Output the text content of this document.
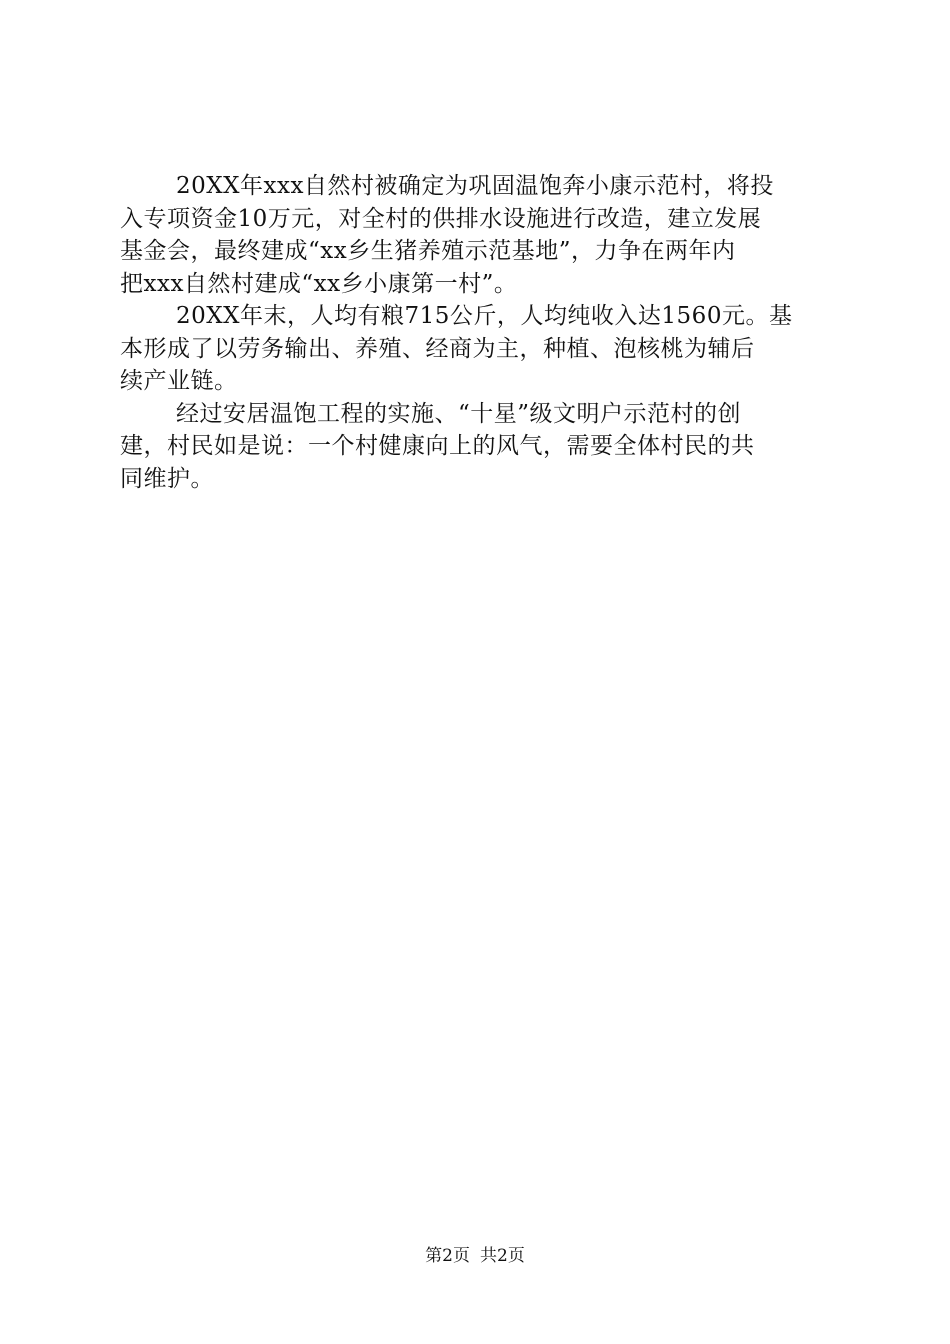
20XX年xxx自然村被确定为巩固温饱奔小康示范村，将投
入专项资金10万元，对全村的供排水设施进行改造，建立发展
基金会，最终建成“xx乡生猪养殖示范基地”，力争在两年内
把xxx自然村建成“xx乡小康第一村”。
20XX年末，人均有粮715公斤，人均纯收入达1560元。基
本形成了以劳务输出、养殖、经商为主，种植、泡核桃为辅后
续产业链。
经过安居温饱工程的实施、“十星”级文明户示范村的创
建，村民如是说：一个村健康向上的风气，需要全体村民的共
同维护。
第2页 共2页
